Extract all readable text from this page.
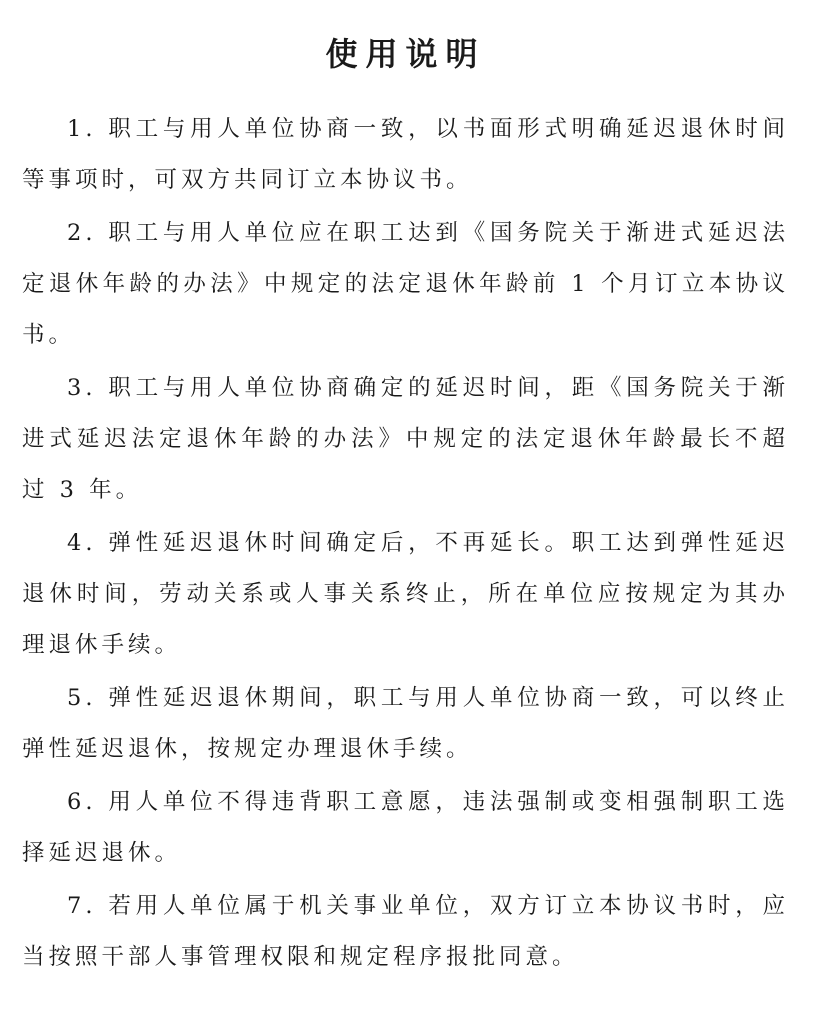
使用说明

1. 职工与用人单位协商一致，以书面形式明确延迟退休时间等事项时，可双方共同订立本协议书。

2. 职工与用人单位应在职工达到《国务院关于渐进式延迟法定退休年龄的办法》中规定的法定退休年龄前 1 个月订立本协议书。

3. 职工与用人单位协商确定的延迟时间，距《国务院关于渐进式延迟法定退休年龄的办法》中规定的法定退休年龄最长不超过 3 年。

4. 弹性延迟退休时间确定后，不再延长。职工达到弹性延迟退休时间，劳动关系或人事关系终止，所在单位应按规定为其办理退休手续。

5. 弹性延迟退休期间，职工与用人单位协商一致，可以终止弹性延迟退休，按规定办理退休手续。

6. 用人单位不得违背职工意愿，违法强制或变相强制职工选择延迟退休。

7. 若用人单位属于机关事业单位，双方订立本协议书时，应当按照干部人事管理权限和规定程序报批同意。
